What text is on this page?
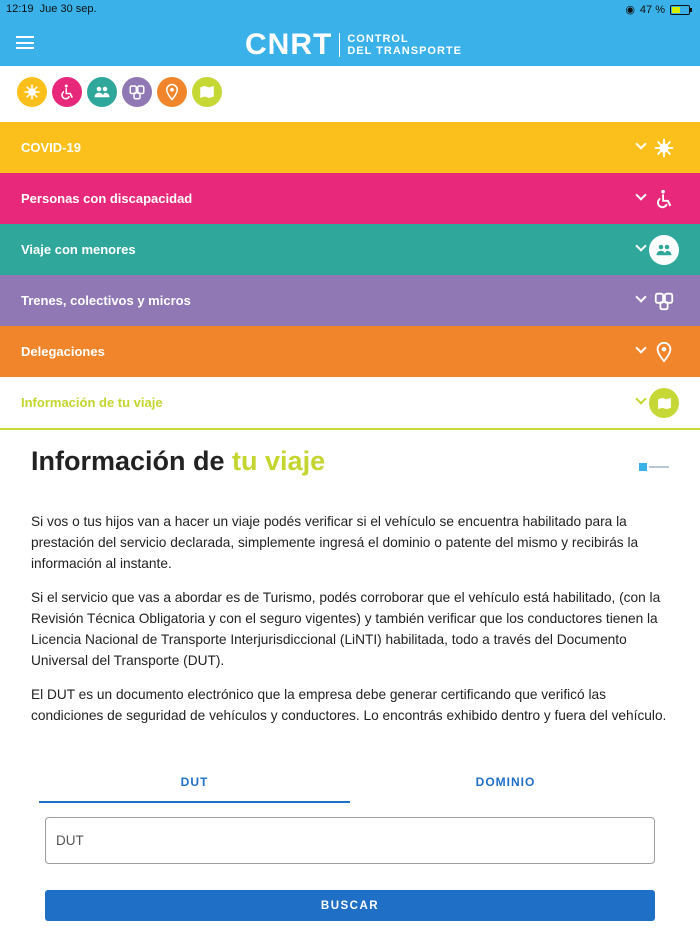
12:19 Jue 30 sep.	◉ 47 %
CNRT CONTROL
DEL TRANSPORTE
COVID-19
Personas con discapacidad
Viaje con menores
Trenes, colectivos y micros
Delegaciones
Información de tu viaje
Información de tu viaje

Si vos o tus hijos van a hacer un viaje podés verificar si el vehículo se encuentra habilitado para la prestación del servicio declarada, simplemente ingresá el dominio o patente del mismo y recibirás la información al instante.

Si el servicio que vas a abordar es de Turismo, podés corroborar que el vehículo está habilitado, (con la Revisión Técnica Obligatoria y con el seguro vigentes) y también verificar que los conductores tienen la Licencia Nacional de Transporte Interjurisdiccional (LiNTI) habilitada, todo a través del Documento Universal del Transporte (DUT).

El DUT es un documento electrónico que la empresa debe generar certificando que verificó las condiciones de seguridad de vehículos y conductores. Lo encontrás exhibido dentro y fuera del vehículo.

DUT	DOMINIO
DUT
BUSCAR
